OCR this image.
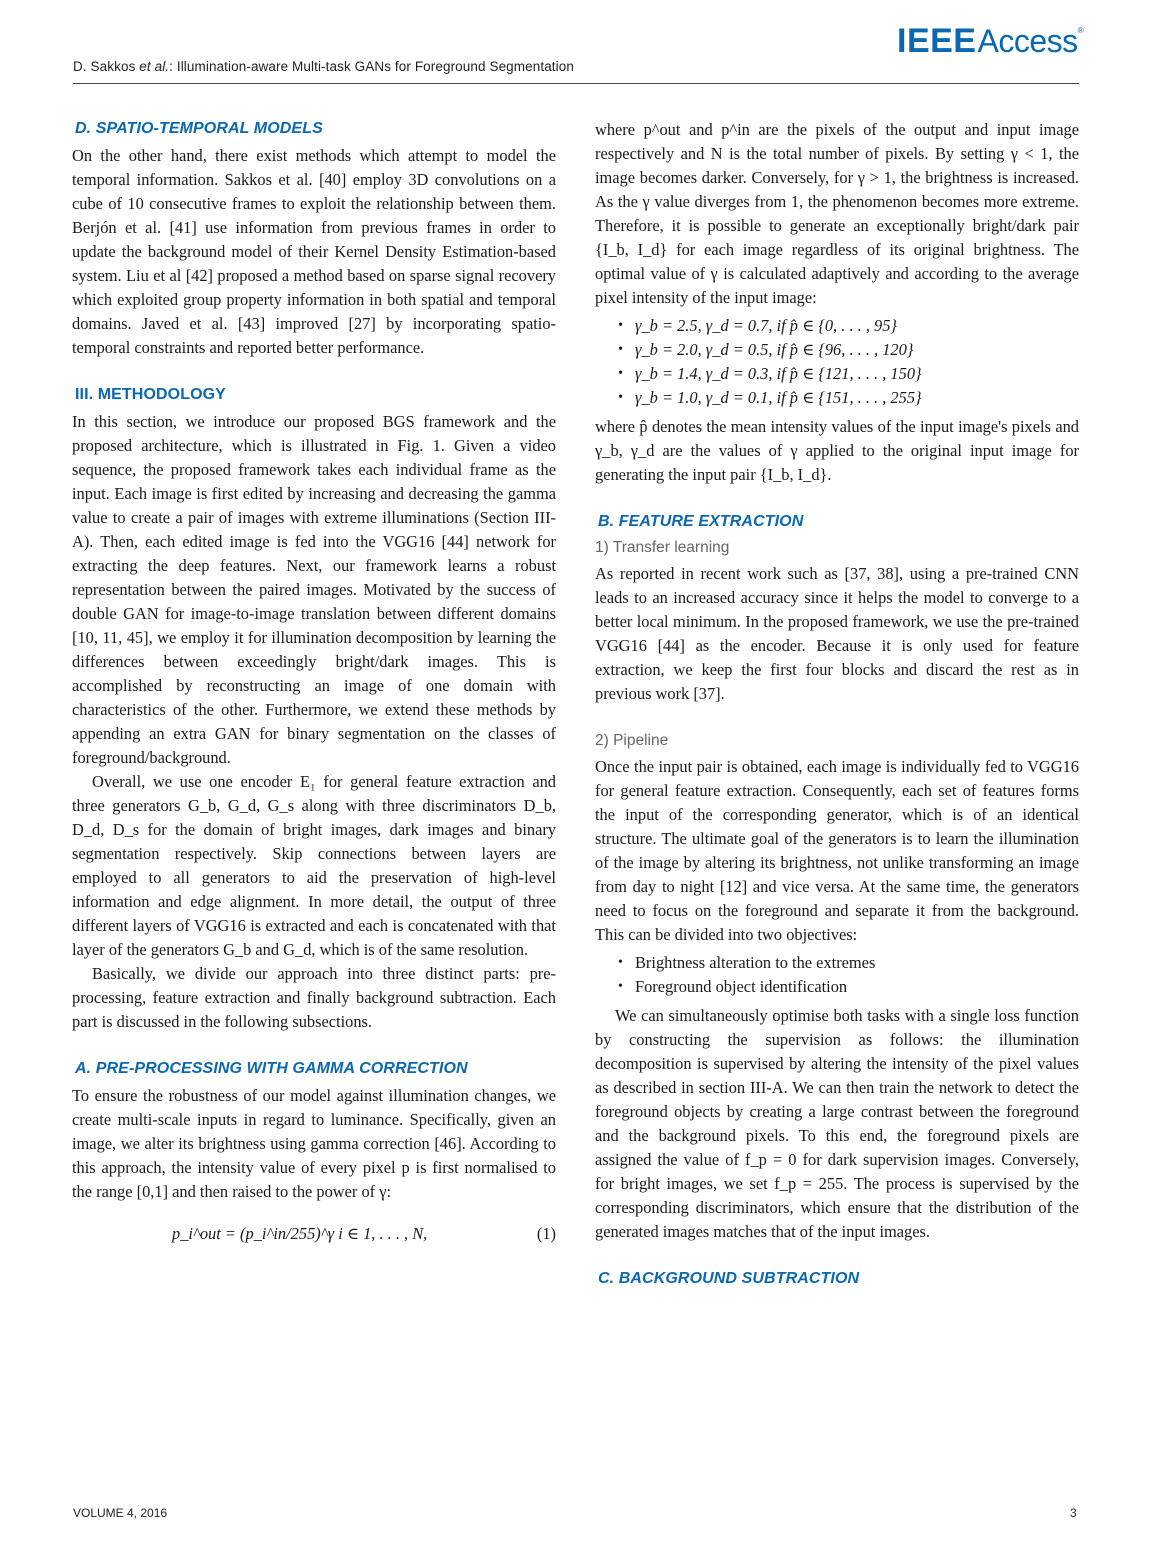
D. Sakkos et al.: Illumination-aware Multi-task GANs for Foreground Segmentation
IEEEAccess®
D. SPATIO-TEMPORAL MODELS

On the other hand, there exist methods which attempt to model the temporal information. Sakkos et al. [40] employ 3D convolutions on a cube of 10 consecutive frames to exploit the relationship between them. Berjón et al. [41] use information from previous frames in order to update the background model of their Kernel Density Estimation-based system. Liu et al [42] proposed a method based on sparse signal recovery which exploited group property information in both spatial and temporal domains. Javed et al. [43] improved [27] by incorporating spatio-temporal constraints and reported better performance.

III. METHODOLOGY

In this section, we introduce our proposed BGS framework and the proposed architecture, which is illustrated in Fig. 1. Given a video sequence, the proposed framework takes each individual frame as the input. Each image is first edited by increasing and decreasing the gamma value to create a pair of images with extreme illuminations (Section III-A). Then, each edited image is fed into the VGG16 [44] network for extracting the deep features. Next, our framework learns a robust representation between the paired images. Motivated by the success of double GAN for image-to-image translation between different domains [10, 11, 45], we employ it for illumination decomposition by learning the differences between exceedingly bright/dark images. This is accomplished by reconstructing an image of one domain with characteristics of the other. Furthermore, we extend these methods by appending an extra GAN for binary segmentation on the classes of foreground/background.

Overall, we use one encoder E₁ for general feature extraction and three generators G_b, G_d, G_s along with three discriminators D_b, D_d, D_s for the domain of bright images, dark images and binary segmentation respectively. Skip connections between layers are employed to all generators to aid the preservation of high-level information and edge alignment. In more detail, the output of three different layers of VGG16 is extracted and each is concatenated with that layer of the generators G_b and G_d, which is of the same resolution.

Basically, we divide our approach into three distinct parts: pre-processing, feature extraction and finally background subtraction. Each part is discussed in the following subsections.

A. PRE-PROCESSING WITH GAMMA CORRECTION

To ensure the robustness of our model against illumination changes, we create multi-scale inputs in regard to luminance. Specifically, given an image, we alter its brightness using gamma correction [46]. According to this approach, the intensity value of every pixel p is first normalised to the range [0,1] and then raised to the power of γ:

p_i^out = (p_i^in/255)^γ i ∈ 1, . . . , N,	(1)

where p^out and p^in are the pixels of the output and input image respectively and N is the total number of pixels. By setting γ < 1, the image becomes darker. Conversely, for γ > 1, the brightness is increased. As the γ value diverges from 1, the phenomenon becomes more extreme. Therefore, it is possible to generate an exceptionally bright/dark pair {I_b, I_d} for each image regardless of its original brightness. The optimal value of γ is calculated adaptively and according to the average pixel intensity of the input image:

• γ_b = 2.5, γ_d = 0.7, if p̂ ∈ {0, . . . , 95}
• γ_b = 2.0, γ_d = 0.5, if p̂ ∈ {96, . . . , 120}
• γ_b = 1.4, γ_d = 0.3, if p̂ ∈ {121, . . . , 150}
• γ_b = 1.0, γ_d = 0.1, if p̂ ∈ {151, . . . , 255}

where p̂ denotes the mean intensity values of the input image's pixels and γ_b, γ_d are the values of γ applied to the original input image for generating the input pair {I_b, I_d}.

B. FEATURE EXTRACTION
1) Transfer learning

As reported in recent work such as [37, 38], using a pre-trained CNN leads to an increased accuracy since it helps the model to converge to a better local minimum. In the proposed framework, we use the pre-trained VGG16 [44] as the encoder. Because it is only used for feature extraction, we keep the first four blocks and discard the rest as in previous work [37].

2) Pipeline

Once the input pair is obtained, each image is individually fed to VGG16 for general feature extraction. Consequently, each set of features forms the input of the corresponding generator, which is of an identical structure. The ultimate goal of the generators is to learn the illumination of the image by altering its brightness, not unlike transforming an image from day to night [12] and vice versa. At the same time, the generators need to focus on the foreground and separate it from the background. This can be divided into two objectives:

• Brightness alteration to the extremes
• Foreground object identification

We can simultaneously optimise both tasks with a single loss function by constructing the supervision as follows: the illumination decomposition is supervised by altering the intensity of the pixel values as described in section III-A. We can then train the network to detect the foreground objects by creating a large contrast between the foreground and the background pixels. To this end, the foreground pixels are assigned the value of f_p = 0 for dark supervision images. Conversely, for bright images, we set f_p = 255. The process is supervised by the corresponding discriminators, which ensure that the distribution of the generated images matches that of the input images.

C. BACKGROUND SUBTRACTION
VOLUME 4, 2016	3
